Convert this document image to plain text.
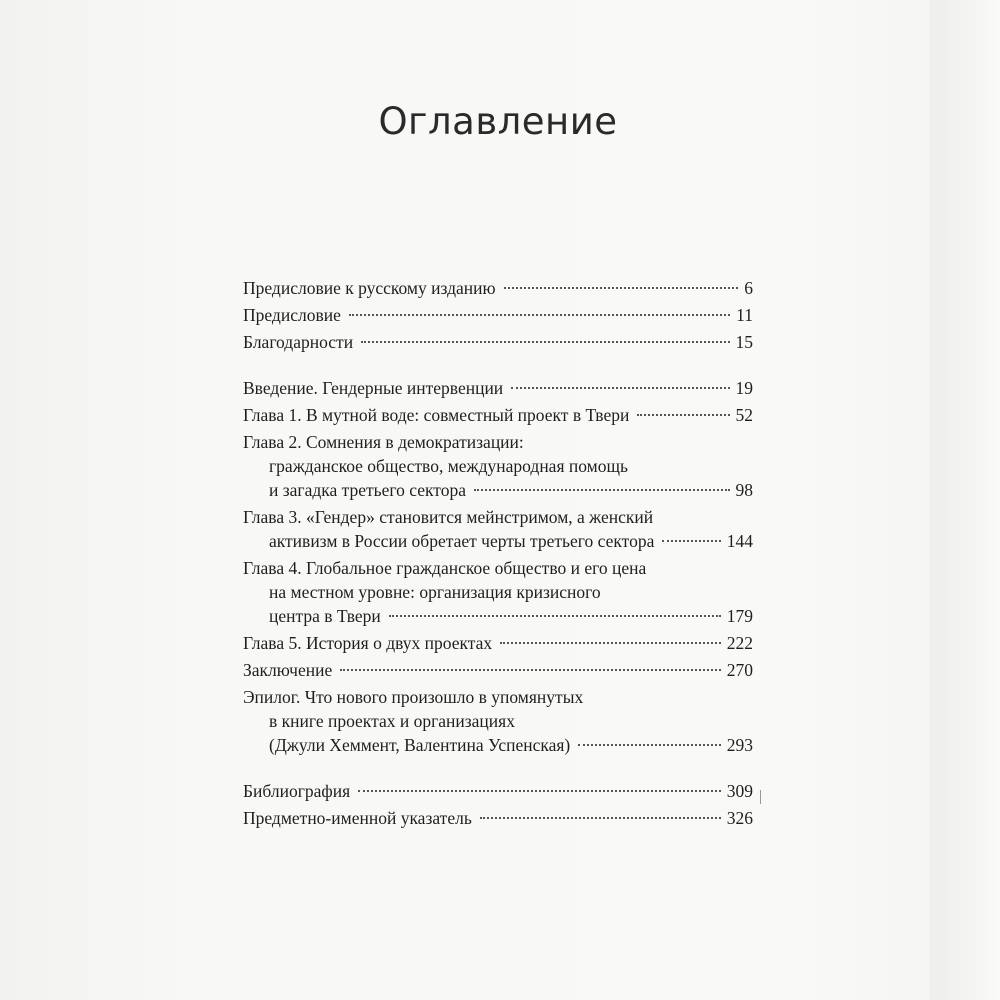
Оглавление
Предисловие к русскому изданию	6
Предисловие	11
Благодарности	15
Введение. Гендерные интервенции	19
Глава 1. В мутной воде: совместный проект в Твери	52
Глава 2. Сомнения в демократизации:
гражданское общество, международная помощь
и загадка третьего сектора	98
Глава 3. «Гендер» становится мейнстримом, а женский
активизм в России обретает черты третьего сектора	144
Глава 4. Глобальное гражданское общество и его цена
на местном уровне: организация кризисного
центра в Твери	179
Глава 5. История о двух проектах	222
Заключение	270
Эпилог. Что нового произошло в упомянутых
в книге проектах и организациях
(Джули Хеммент, Валентина Успенская)	293
Библиография	309
Предметно-именной указатель	326
